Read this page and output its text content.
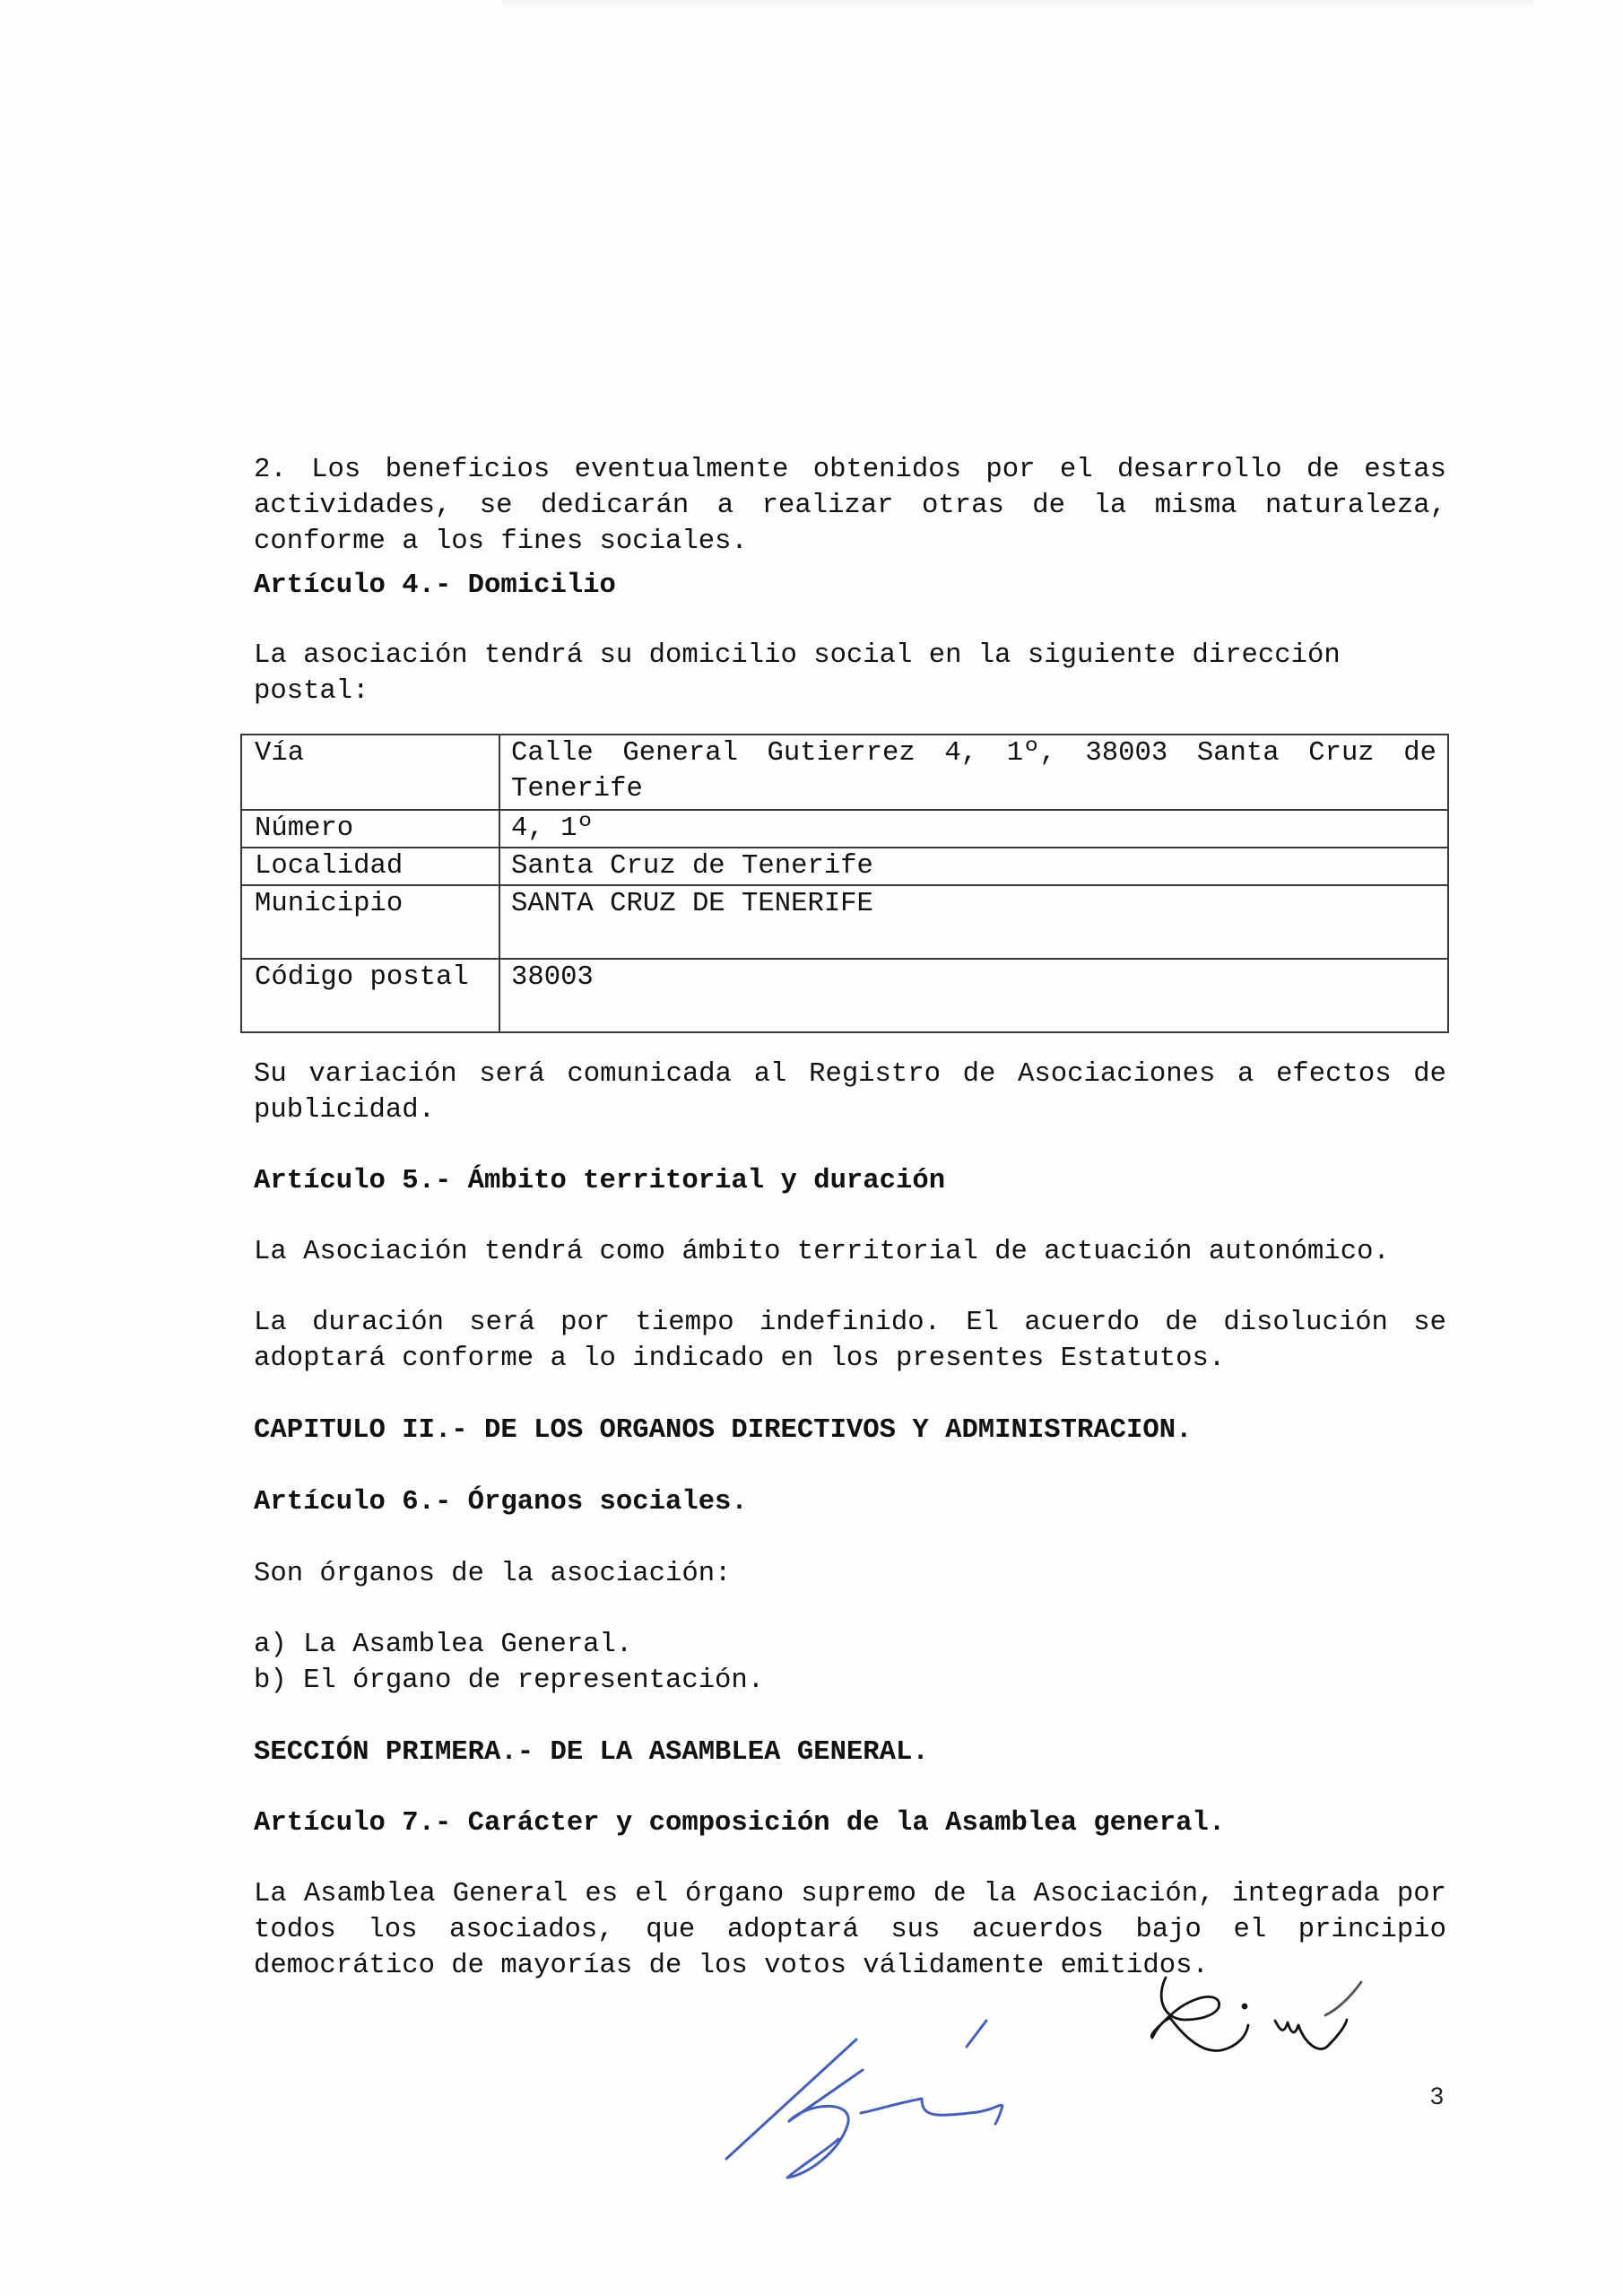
2. Los beneficios eventualmente obtenidos por el desarrollo de estas
actividades, se dedicarán a realizar otras de la misma naturaleza,
conforme a los fines sociales.
Artículo 4.- Domicilio
La asociación tendrá su domicilio social en la siguiente dirección postal:
Vía	Calle General Gutierrez 4, 1º, 38003 Santa Cruz de
Tenerife

Número	4, 1º
Localidad	Santa Cruz de Tenerife
Municipio	SANTA CRUZ DE TENERIFE
Código postal	38003
Su variación será comunicada al Registro de Asociaciones a efectos de
publicidad.
Artículo 5.- Ámbito territorial y duración
La Asociación tendrá como ámbito territorial de actuación autonómico.
La duración será por tiempo indefinido. El acuerdo de disolución se
adoptará conforme a lo indicado en los presentes Estatutos.
CAPITULO II.- DE LOS ORGANOS DIRECTIVOS Y ADMINISTRACION.
Artículo 6.- Órganos sociales.
Son órganos de la asociación:
a) La Asamblea General.
b) El órgano de representación.
SECCIÓN PRIMERA.- DE LA ASAMBLEA GENERAL.
Artículo 7.- Carácter y composición de la Asamblea general.
La Asamblea General es el órgano supremo de la Asociación, integrada por
todos los asociados, que adoptará sus acuerdos bajo el principio
democrático de mayorías de los votos válidamente emitidos.
3
